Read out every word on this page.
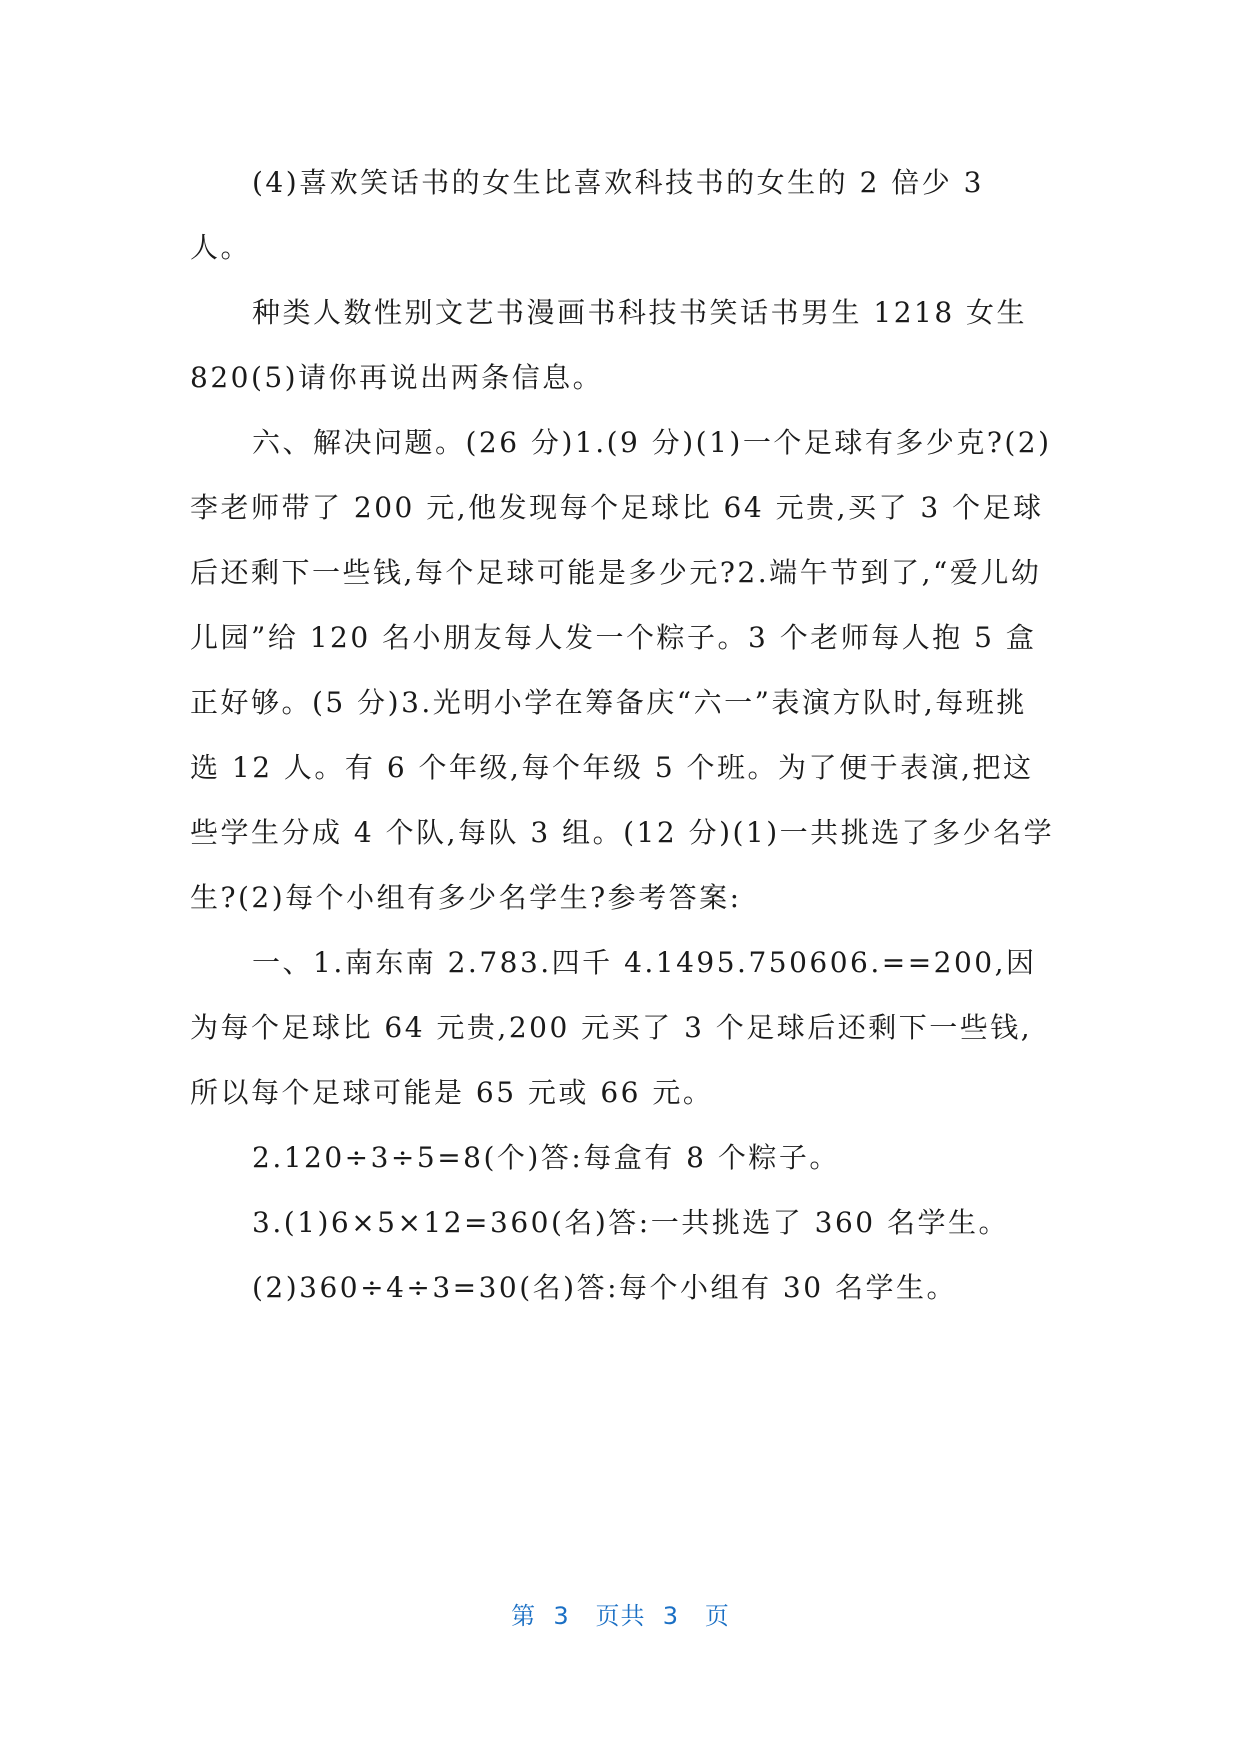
(4)喜欢笑话书的女生比喜欢科技书的女生的 2 倍少 3 人。

种类人数性别文艺书漫画书科技书笑话书男生 1218 女生 820(5)请你再说出两条信息。

六、解决问题。(26 分)1.(9 分)(1)一个足球有多少克?(2)李老师带了 200 元,他发现每个足球比 64 元贵,买了 3 个足球后还剩下一些钱,每个足球可能是多少元?2.端午节到了,“爱儿幼儿园”给 120 名小朋友每人发一个粽子。3 个老师每人抱 5 盒正好够。(5 分)3.光明小学在筹备庆“六一”表演方队时,每班挑选 12 人。有 6 个年级,每个年级 5 个班。为了便于表演,把这些学生分成 4 个队,每队 3 组。(12 分)(1)一共挑选了多少名学生?(2)每个小组有多少名学生?参考答案:

一、1.南东南 2.783.四千 4.1495.750606.==200,因为每个足球比 64 元贵,200 元买了 3 个足球后还剩下一些钱,所以每个足球可能是 65 元或 66 元。

2.120÷3÷5=8(个)答:每盒有 8 个粽子。

3.(1)6×5×12=360(名)答:一共挑选了 360 名学生。

(2)360÷4÷3=30(名)答:每个小组有 30 名学生。

第  3   页共  3   页
